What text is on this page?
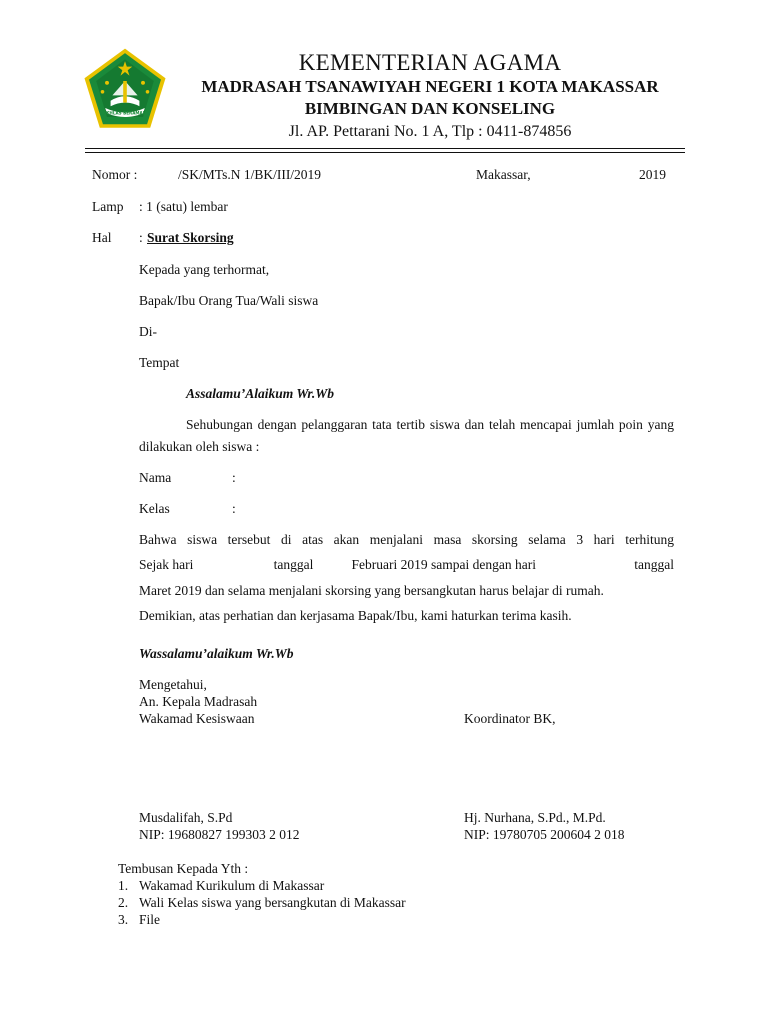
IKHLAS BERAMAL
KEMENTERIAN AGAMA
MADRASAH TSANAWIYAH NEGERI 1 KOTA MAKASSAR
BIMBINGAN DAN KONSELING
Jl. AP. Pettarani No. 1 A, Tlp : 0411-874856
Nomor :	/SK/MTs.N 1/BK/III/2019	Makassar,	2019
Lamp : 1 (satu) lembar
Hal : Surat Skorsing
Kepada yang terhormat,
Bapak/Ibu Orang Tua/Wali siswa
Di-
Tempat
Assalamu’Alaikum Wr.Wb
Sehubungan dengan pelanggaran tata tertib siswa dan telah mencapai jumlah poin yang dilakukan oleh siswa :
Nama	:
Kelas	:
Bahwa siswa tersebut di atas akan menjalani masa skorsing selama 3 hari terhitung
Sejak hari	tanggal	Februari 2019 sampai dengan hari	tanggal
Maret 2019 dan selama menjalani skorsing yang bersangkutan harus belajar di rumah.
Demikian, atas perhatian dan kerjasama Bapak/Ibu, kami haturkan terima kasih.
Wassalamu’alaikum Wr.Wb
Mengetahui,
An. Kepala Madrasah
Wakamad Kesiswaan	Koordinator BK,
Musdalifah, S.Pd
NIP: 19680827 199303 2 012
Hj. Nurhana, S.Pd., M.Pd.
NIP: 19780705 200604 2 018
Tembusan Kepada Yth :
1. Wakamad Kurikulum di Makassar
2. Wali Kelas siswa yang bersangkutan di Makassar
3. File
